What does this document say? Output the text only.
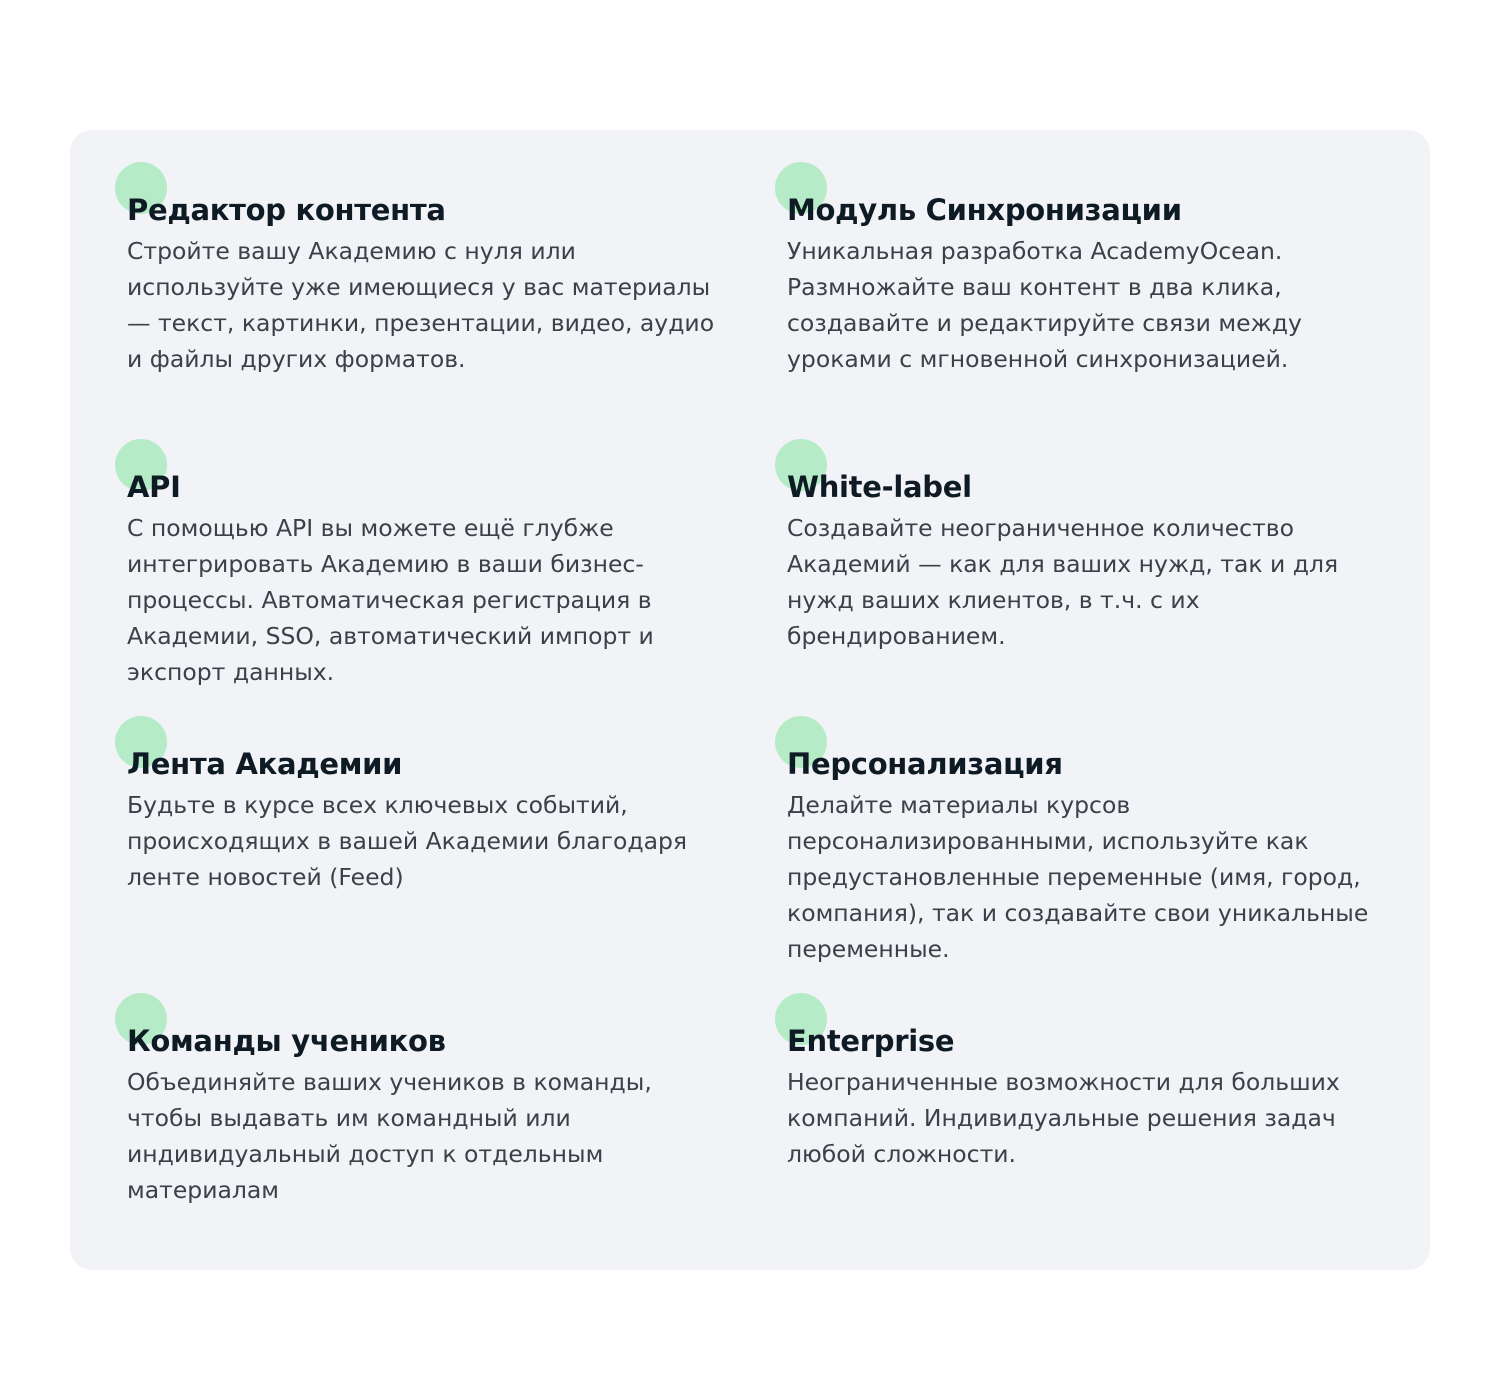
Редактор контента

Стройте вашу Академию с нуля или используйте уже имеющиеся у вас материалы — текст, картинки, презентации, видео, аудио и файлы других форматов.

Модуль Синхронизации

Уникальная разработка AcademyOcean. Размножайте ваш контент в два клика, создавайте и редактируйте связи между уроками с мгновенной синхронизацией.

API

С помощью API вы можете ещё глубже интегрировать Академию в ваши бизнес-процессы. Автоматическая регистрация в Академии, SSO, автоматический импорт и экспорт данных.

White-label

Создавайте неограниченное количество Академий — как для ваших нужд, так и для нужд ваших клиентов, в т.ч. с их брендированием.

Лента Академии

Будьте в курсе всех ключевых событий, происходящих в вашей Академии благодаря ленте новостей (Feed)

Персонализация

Делайте материалы курсов персонализированными, используйте как предустановленные переменные (имя, город, компания), так и создавайте свои уникальные переменные.

Команды учеников

Объединяйте ваших учеников в команды, чтобы выдавать им командный или индивидуальный доступ к отдельным материалам

Enterprise

Неограниченные возможности для больших компаний. Индивидуальные решения задач любой сложности.
